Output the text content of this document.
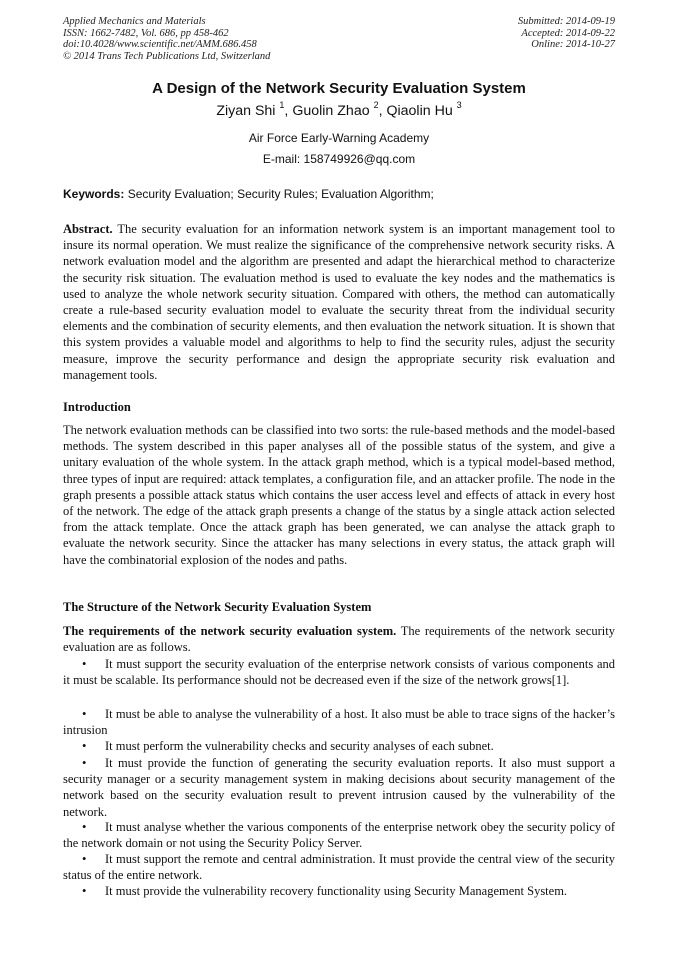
Applied Mechanics and Materials
ISSN: 1662-7482, Vol. 686, pp 458-462
doi:10.4028/www.scientific.net/AMM.686.458
© 2014 Trans Tech Publications Ltd, Switzerland
Submitted: 2014-09-19
Accepted: 2014-09-22
Online: 2014-10-27
A Design of the Network Security Evaluation System
Ziyan Shi $^1$, Guolin Zhao $^2$, Qiaolin Hu $^3$
Air Force Early-Warning Academy
E-mail: 158749926@qq.com
Keywords: Security Evaluation; Security Rules; Evaluation Algorithm;
Abstract. The security evaluation for an information network system is an important management tool to insure its normal operation. We must realize the significance of the comprehensive network security risks. A network evaluation model and the algorithm are presented and adapt the hierarchical method to characterize the security risk situation. The evaluation method is used to evaluate the key nodes and the mathematics is used to analyze the whole network security situation. Compared with others, the method can automatically create a rule-based security evaluation model to evaluate the security threat from the individual security elements and the combination of security elements, and then evaluation the network situation. It is shown that this system provides a valuable model and algorithms to help to find the security rules, adjust the security measure, improve the security performance and design the appropriate security risk evaluation and management tools.
Introduction
The network evaluation methods can be classified into two sorts: the rule-based methods and the model-based methods. The system described in this paper analyses all of the possible status of the system, and give a unitary evaluation of the whole system. In the attack graph method, which is a typical model-based method, three types of input are required: attack templates, a configuration file, and an attacker profile. The node in the graph presents a possible attack status which contains the user access level and effects of attack in every host of the network. The edge of the attack graph presents a change of the status by a single attack action selected from the attack template. Once the attack graph has been generated, we can analyse the attack graph to evaluate the network security. Since the attacker has many selections in every status, the attack graph will have the combinatorial explosion of the nodes and paths.
The Structure of the Network Security Evaluation System
The requirements of the network security evaluation system. The requirements of the network security evaluation are as follows.
• It must support the security evaluation of the enterprise network consists of various components and it must be scalable. Its performance should not be decreased even if the size of the network grows[1].
• It must be able to analyse the vulnerability of a host. It also must be able to trace signs of the hacker’s intrusion
• It must perform the vulnerability checks and security analyses of each subnet.
• It must provide the function of generating the security evaluation reports. It also must support a security manager or a security management system in making decisions about security management of the network based on the security evaluation result to prevent intrusion caused by the vulnerability of the network.
• It must analyse whether the various components of the enterprise network obey the security policy of the network domain or not using the Security Policy Server.
• It must support the remote and central administration. It must provide the central view of the security status of the entire network.
• It must provide the vulnerability recovery functionality using Security Management System.
